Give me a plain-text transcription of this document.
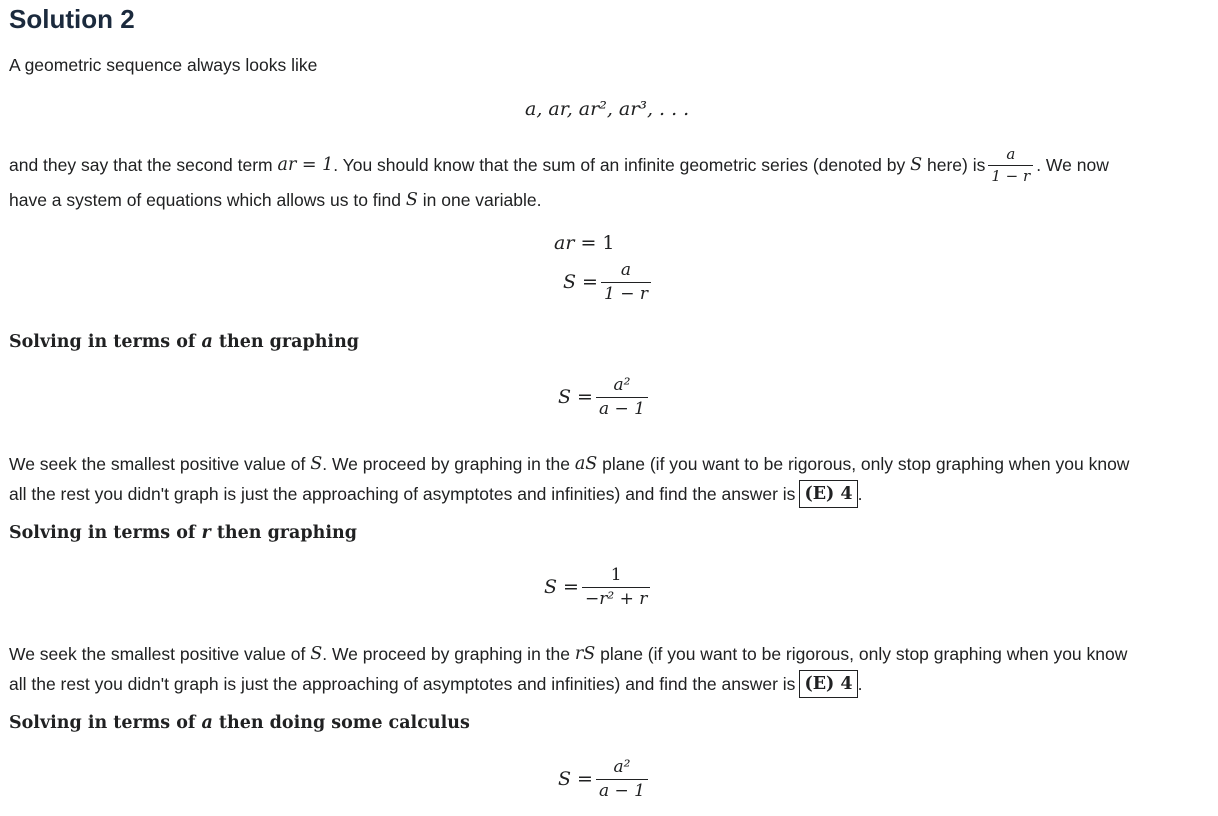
Solution 2
A geometric sequence always looks like
a, ar, ar², ar³, . . .
and they say that the second term
ar = 1 . You should know that the sum of an infinite geometric series (denoted by
S
here) is $\frac{a}{1 - r}$ . We now
have a system of equations which allows us to find
S
in one variable.
ar =
1
$S = \frac{a}{1 - r}$
Solving in terms of a then graphing
$S = \frac{\text{a²}}{a - 1}$
We seek the smallest positive value of
S . We proceed by graphing in the
aS
plane (if you want to be rigorous, only stop graphing when you know
all the rest you didn't graph is just the approaching of asymptotes and infinities) and find the answer is (E) 4 .
Solving in terms of r then graphing
$S = \frac{1}{\text{−r² + r}}$
We seek the smallest positive value of
S . We proceed by graphing in the
rS
plane (if you want to be rigorous, only stop graphing when you know
all the rest you didn't graph is just the approaching of asymptotes and infinities) and find the answer is (E) 4 .
Solving in terms of a then doing some calculus
$S = \frac{\text{a²}}{a - 1}$
